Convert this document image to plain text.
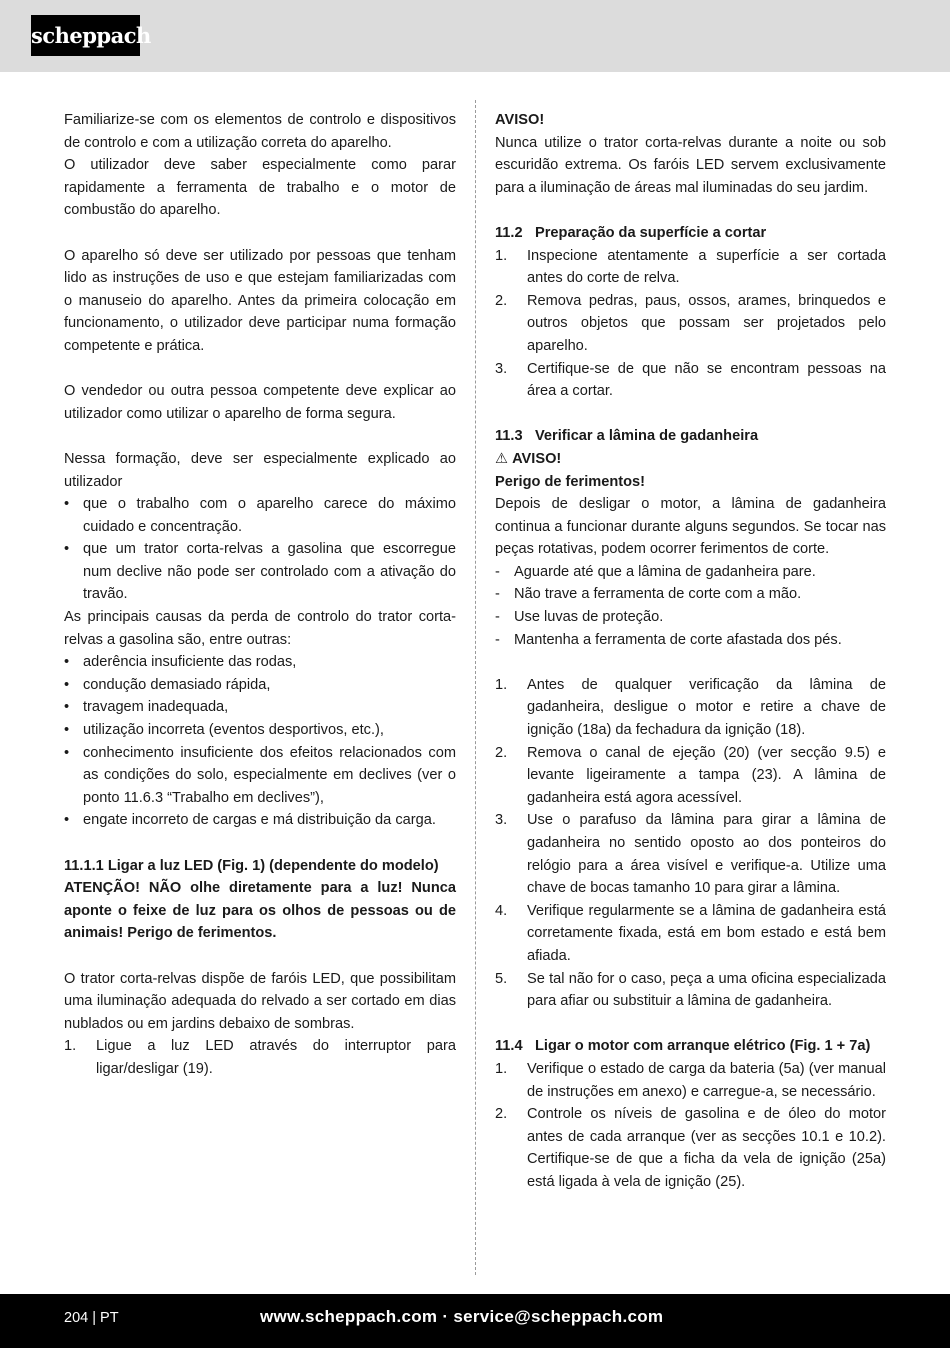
scheppach

Familiarize-se com os elementos de controlo e dispositivos de controlo e com a utilização correta do aparelho.

O utilizador deve saber especialmente como parar rapidamente a ferramenta de trabalho e o motor de combustão do aparelho.

O aparelho só deve ser utilizado por pessoas que tenham lido as instruções de uso e que estejam familiarizadas com o manuseio do aparelho. Antes da primeira colocação em funcionamento, o utilizador deve participar numa formação competente e prática.

O vendedor ou outra pessoa competente deve explicar ao utilizador como utilizar o aparelho de forma segura.

Nessa formação, deve ser especialmente explicado ao utilizador

• que o trabalho com o aparelho carece do máximo cuidado e concentração.
• que um trator corta-relvas a gasolina que escorregue num declive não pode ser controlado com a ativação do travão.

As principais causas da perda de controlo do trator corta-relvas a gasolina são, entre outras:

• aderência insuficiente das rodas,
• condução demasiado rápida,
• travagem inadequada,
• utilização incorreta (eventos desportivos, etc.),
• conhecimento insuficiente dos efeitos relacionados com as condições do solo, especialmente em declives (ver o ponto 11.6.3 “Trabalho em declives”),
• engate incorreto de cargas e má distribuição da carga.

11.1.1 Ligar a luz LED (Fig. 1) (dependente do modelo)

ATENÇÃO! NÃO olhe diretamente para a luz! Nunca aponte o feixe de luz para os olhos de pessoas ou de animais! Perigo de ferimentos.

O trator corta-relvas dispõe de faróis LED, que possibilitam uma iluminação adequada do relvado a ser cortado em dias nublados ou em jardins debaixo de sombras.

1. Ligue a luz LED através do interruptor para ligar/desligar (19).

AVISO!

Nunca utilize o trator corta-relvas durante a noite ou sob escuridão extrema. Os faróis LED servem exclusivamente para a iluminação de áreas mal iluminadas do seu jardim.

11.2 Preparação da superfície a cortar

1. Inspecione atentamente a superfície a ser cortada antes do corte de relva.
2. Remova pedras, paus, ossos, arames, brinquedos e outros objetos que possam ser projetados pelo aparelho.
3. Certifique-se de que não se encontram pessoas na área a cortar.

11.3 Verificar a lâmina de gadanheira

⚠ AVISO!

Perigo de ferimentos!

Depois de desligar o motor, a lâmina de gadanheira continua a funcionar durante alguns segundos. Se tocar nas peças rotativas, podem ocorrer ferimentos de corte.

- Aguarde até que a lâmina de gadanheira pare.
- Não trave a ferramenta de corte com a mão.
- Use luvas de proteção.
- Mantenha a ferramenta de corte afastada dos pés.
1. Antes de qualquer verificação da lâmina de gadanheira, desligue o motor e retire a chave de ignição (18a) da fechadura da ignição (18).
2. Remova o canal de ejeção (20) (ver secção 9.5) e levante ligeiramente a tampa (23). A lâmina de gadanheira está agora acessível.
3. Use o parafuso da lâmina para girar a lâmina de gadanheira no sentido oposto ao dos ponteiros do relógio para a área visível e verifique-a. Utilize uma chave de bocas tamanho 10 para girar a lâmina.
4. Verifique regularmente se a lâmina de gadanheira está corretamente fixada, está em bom estado e está bem afiada.
5. Se tal não for o caso, peça a uma oficina especializada para afiar ou substituir a lâmina de gadanheira.

11.4 Ligar o motor com arranque elétrico (Fig. 1 + 7a)

1. Verifique o estado de carga da bateria (5a) (ver manual de instruções em anexo) e carregue-a, se necessário.
2. Controle os níveis de gasolina e de óleo do motor antes de cada arranque (ver as secções 10.1 e 10.2). Certifique-se de que a ficha da vela de ignição (25a) está ligada à vela de ignição (25).
204 | PT	www.scheppach.com · service@scheppach.com
